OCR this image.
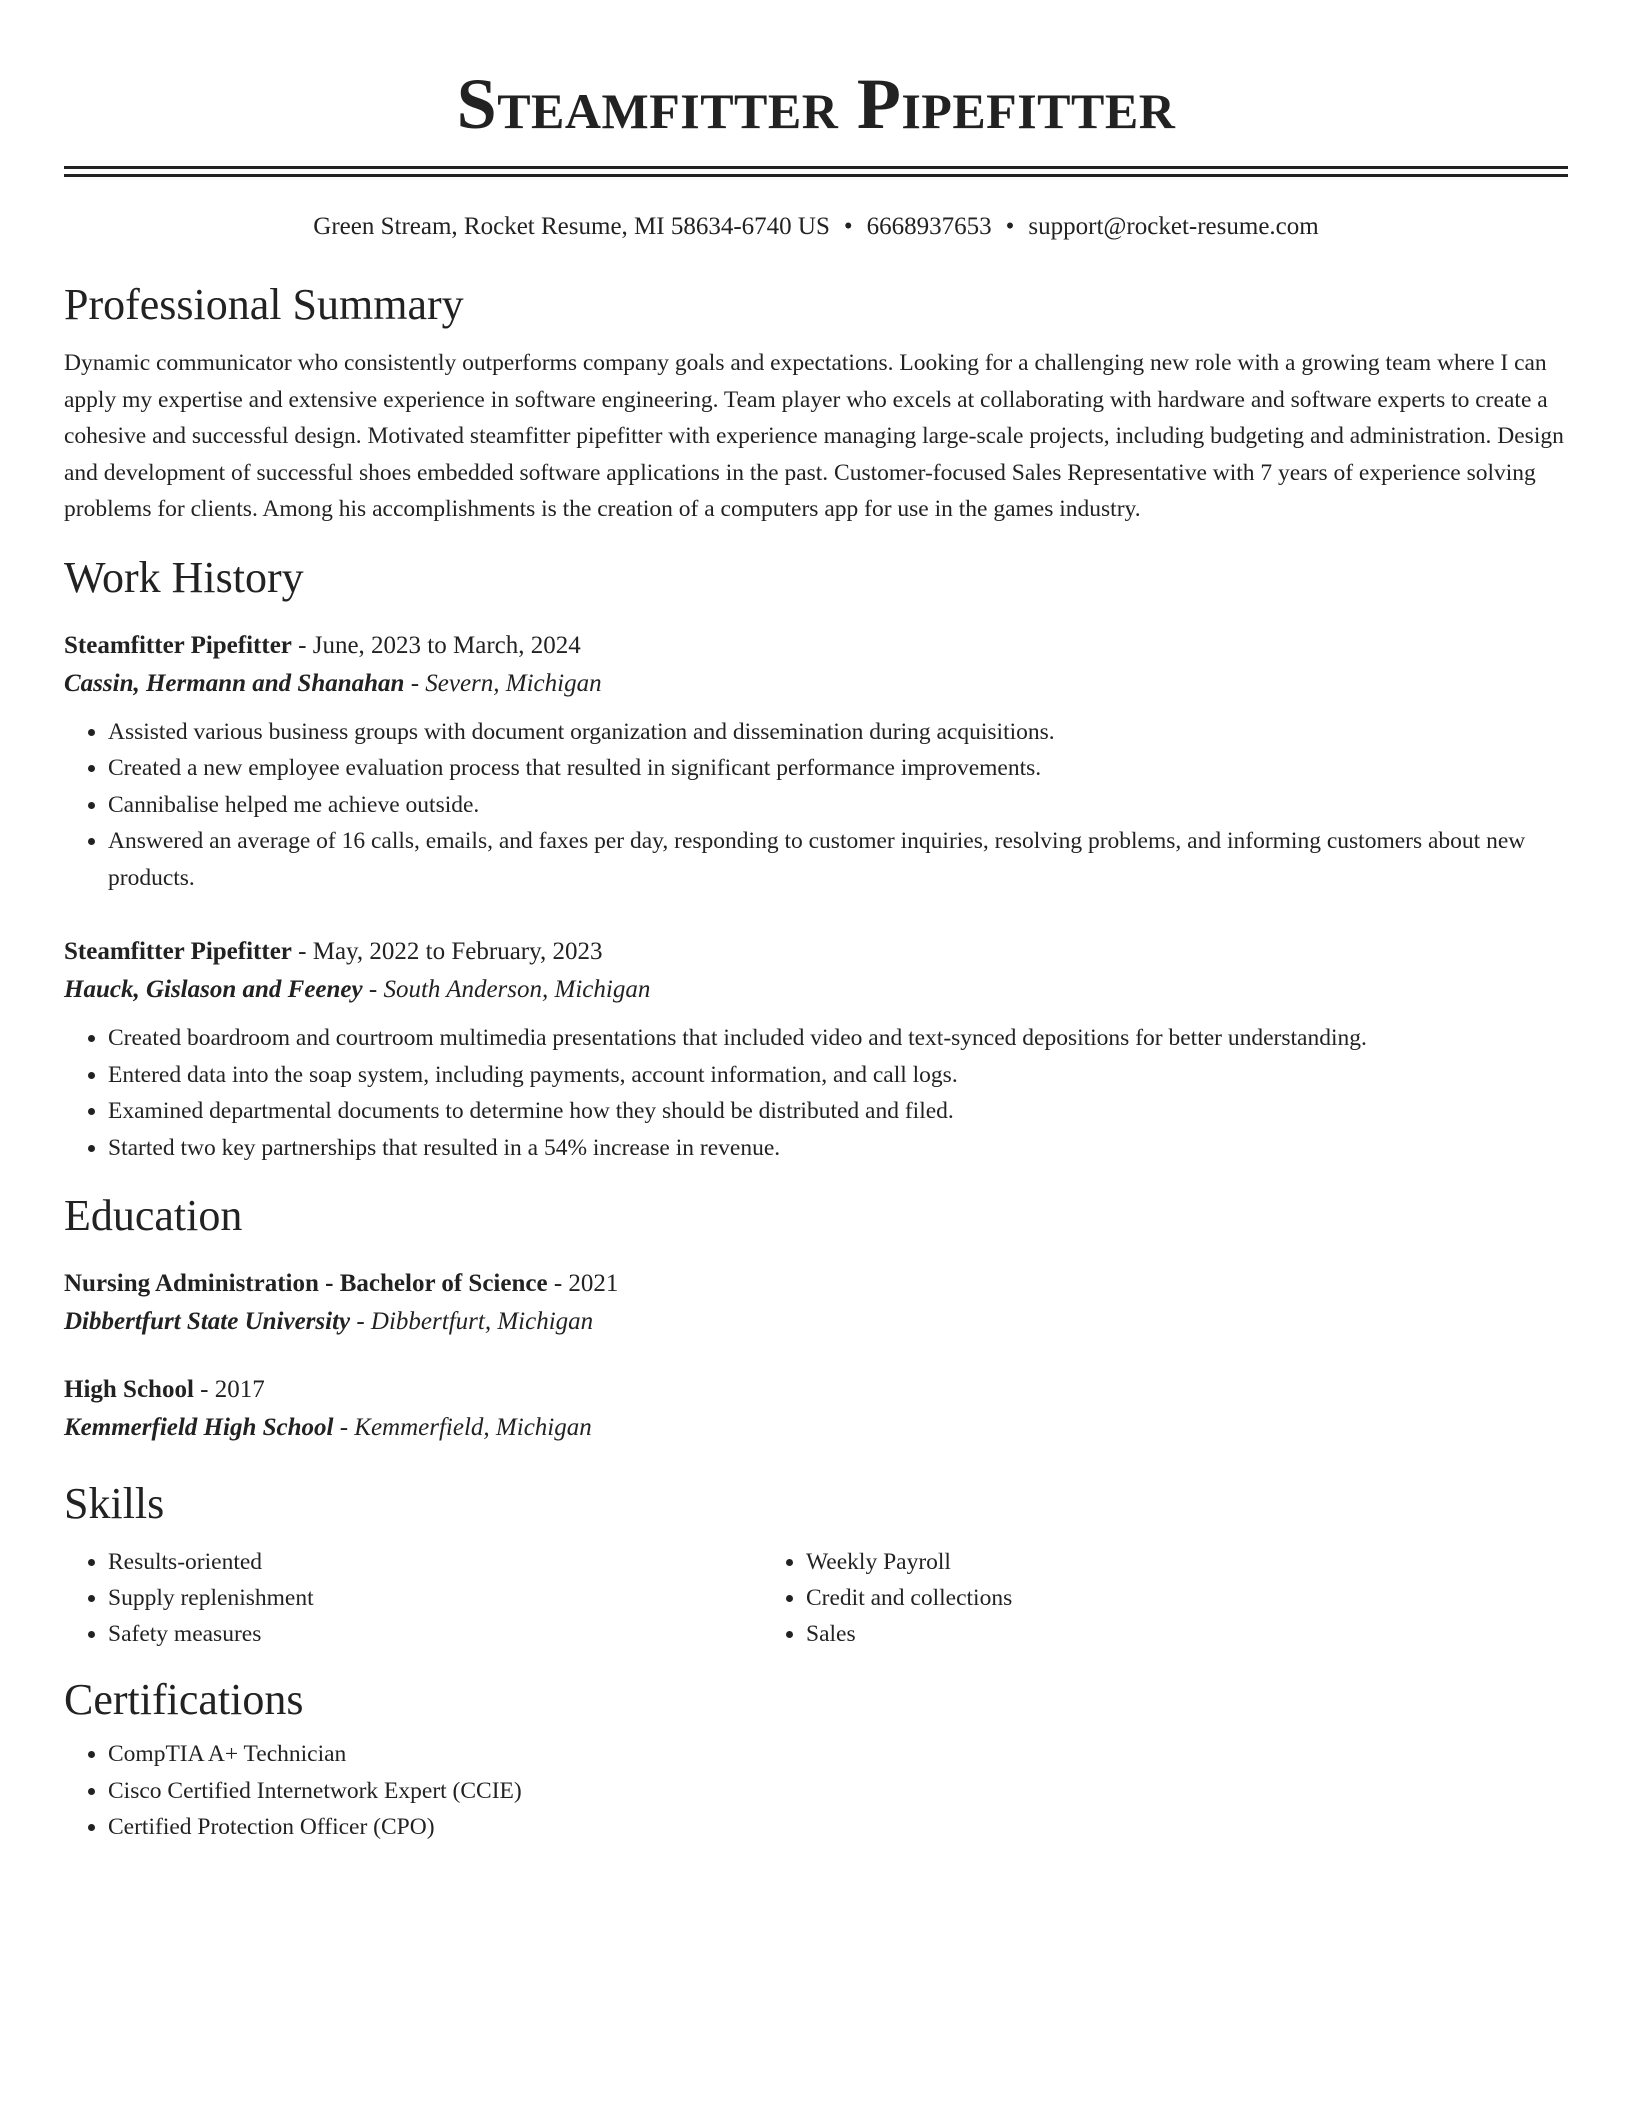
Steamfitter Pipefitter
Green Stream, Rocket Resume, MI 58634-6740 US • 6668937653 • support@rocket-resume.com
Professional Summary
Dynamic communicator who consistently outperforms company goals and expectations. Looking for a challenging new role with a growing team where I can apply my expertise and extensive experience in software engineering. Team player who excels at collaborating with hardware and software experts to create a cohesive and successful design. Motivated steamfitter pipefitter with experience managing large-scale projects, including budgeting and administration. Design and development of successful shoes embedded software applications in the past. Customer-focused Sales Representative with 7 years of experience solving problems for clients. Among his accomplishments is the creation of a computers app for use in the games industry.
Work History
Steamfitter Pipefitter - June, 2023 to March, 2024
Cassin, Hermann and Shanahan - Severn, Michigan
• Assisted various business groups with document organization and dissemination during acquisitions.
• Created a new employee evaluation process that resulted in significant performance improvements.
• Cannibalise helped me achieve outside.
• Answered an average of 16 calls, emails, and faxes per day, responding to customer inquiries, resolving problems, and informing customers about new products.
Steamfitter Pipefitter - May, 2022 to February, 2023
Hauck, Gislason and Feeney - South Anderson, Michigan
• Created boardroom and courtroom multimedia presentations that included video and text-synced depositions for better understanding.
• Entered data into the soap system, including payments, account information, and call logs.
• Examined departmental documents to determine how they should be distributed and filed.
• Started two key partnerships that resulted in a 54% increase in revenue.
Education
Nursing Administration - Bachelor of Science - 2021
Dibbertfurt State University - Dibbertfurt, Michigan
High School - 2017
Kemmerfield High School - Kemmerfield, Michigan
Skills
• Results-oriented
• Supply replenishment
• Safety measures
• Weekly Payroll
• Credit and collections
• Sales
Certifications
• CompTIA A+ Technician
• Cisco Certified Internetwork Expert (CCIE)
• Certified Protection Officer (CPO)
